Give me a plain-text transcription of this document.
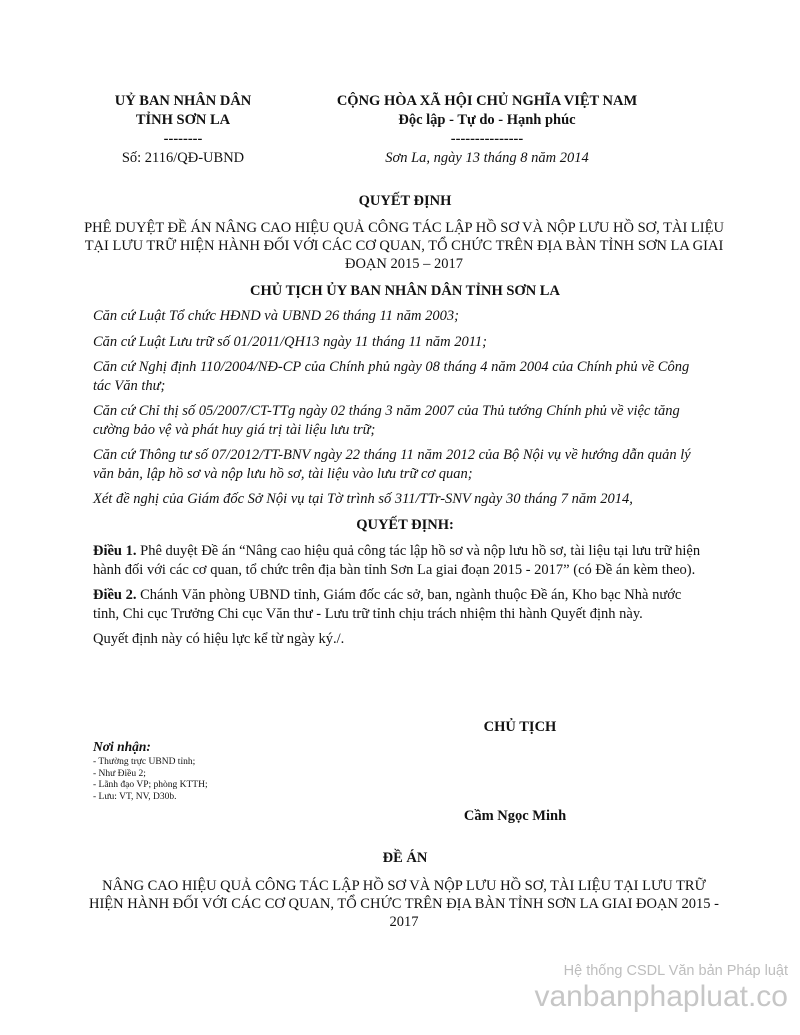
UỶ BAN NHÂN DÂN
TỈNH SƠN LA
--------
Số: 2116/QĐ-UBND
CỘNG HÒA XÃ HỘI CHỦ NGHĨA VIỆT NAM
Độc lập - Tự do - Hạnh phúc
---------------
Sơn La, ngày 13 tháng 8 năm 2014
QUYẾT ĐỊNH
PHÊ DUYỆT ĐỀ ÁN NÂNG CAO HIỆU QUẢ CÔNG TÁC LẬP HỒ SƠ VÀ NỘP LƯU HỒ SƠ, TÀI LIỆU TẠI LƯU TRỮ HIỆN HÀNH ĐỐI VỚI CÁC CƠ QUAN, TỔ CHỨC TRÊN ĐỊA BÀN TỈNH SƠN LA GIAI ĐOẠN 2015 – 2017
CHỦ TỊCH ỦY BAN NHÂN DÂN TỈNH SƠN LA

Căn cứ Luật Tổ chức HĐND và UBND 26 tháng 11 năm 2003;

Căn cứ Luật Lưu trữ số 01/2011/QH13 ngày 11 tháng 11 năm 2011;

Căn cứ Nghị định 110/2004/NĐ-CP của Chính phủ ngày 08 tháng 4 năm 2004 của Chính phủ về Công tác Văn thư;

Căn cứ Chỉ thị số 05/2007/CT-TTg ngày 02 tháng 3 năm 2007 của Thủ tướng Chính phủ về việc tăng cường bảo vệ và phát huy giá trị tài liệu lưu trữ;

Căn cứ Thông tư số 07/2012/TT-BNV ngày 22 tháng 11 năm 2012 của Bộ Nội vụ về hướng dẫn quản lý văn bản, lập hồ sơ và nộp lưu hồ sơ, tài liệu vào lưu trữ cơ quan;

Xét đề nghị của Giám đốc Sở Nội vụ tại Tờ trình số 311/TTr-SNV ngày 30 tháng 7 năm 2014,

QUYẾT ĐỊNH:

Điều 1. Phê duyệt Đề án “Nâng cao hiệu quả công tác lập hồ sơ và nộp lưu hồ sơ, tài liệu tại lưu trữ hiện hành đối với các cơ quan, tổ chức trên địa bàn tỉnh Sơn La giai đoạn 2015 - 2017” (có Đề án kèm theo).

Điều 2. Chánh Văn phòng UBND tỉnh, Giám đốc các sở, ban, ngành thuộc Đề án, Kho bạc Nhà nước tỉnh, Chi cục Trưởng Chi cục Văn thư - Lưu trữ tỉnh chịu trách nhiệm thi hành Quyết định này.

Quyết định này có hiệu lực kể từ ngày ký./.

CHỦ TỊCH
Nơi nhận:
- Thường trực UBND tỉnh;
- Như Điều 2;
- Lãnh đạo VP; phòng KTTH;
- Lưu: VT, NV, D30b.
Cầm Ngọc Minh
ĐỀ ÁN
NÂNG CAO HIỆU QUẢ CÔNG TÁC LẬP HỒ SƠ VÀ NỘP LƯU HỒ SƠ, TÀI LIỆU TẠI LƯU TRỮ HIỆN HÀNH ĐỐI VỚI CÁC CƠ QUAN, TỔ CHỨC TRÊN ĐỊA BÀN TỈNH SƠN LA GIAI ĐOẠN 2015 - 2017
Hệ thống CSDL Văn bản Pháp luật
vanbanphapluat.co
